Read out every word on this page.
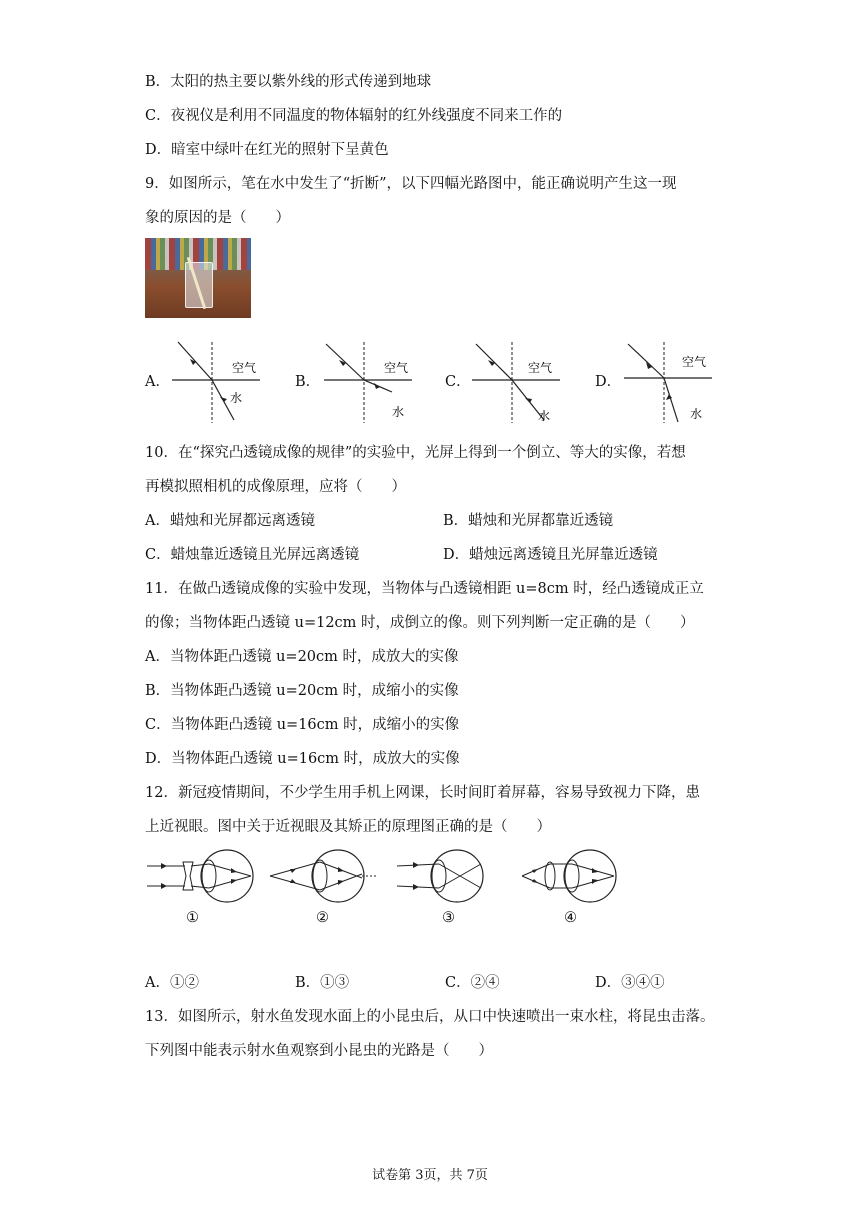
B．太阳的热主要以紫外线的形式传递到地球
C．夜视仪是利用不同温度的物体辐射的红外线强度不同来工作的
D．暗室中绿叶在红光的照射下呈黄色
9．如图所示，笔在水中发生了“折断”，以下四幅光路图中，能正确说明产生这一现
象的原因的是（　　）
A．
空气
水
B．
空气
水
C．
空气
水
D．
空气
水
10．在“探究凸透镜成像的规律”的实验中，光屏上得到一个倒立、等大的实像，若想
再模拟照相机的成像原理，应将（　　）
A．蜡烛和光屏都远离透镜	B．蜡烛和光屏都靠近透镜
C．蜡烛靠近透镜且光屏远离透镜	D．蜡烛远离透镜且光屏靠近透镜
11．在做凸透镜成像的实验中发现，当物体与凸透镜相距 u=8cm 时，经凸透镜成正立
的像；当物体距凸透镜 u=12cm 时，成倒立的像。则下列判断一定正确的是（　　）
A．当物体距凸透镜 u=20cm 时，成放大的实像
B．当物体距凸透镜 u=20cm 时，成缩小的实像
C．当物体距凸透镜 u=16cm 时，成缩小的实像
D．当物体距凸透镜 u=16cm 时，成放大的实像
12．新冠疫情期间，不少学生用手机上网课，长时间盯着屏幕，容易导致视力下降，患
上近视眼。图中关于近视眼及其矫正的原理图正确的是（　　）
①	②	③	④
A．①②	B．①③	C．②④	D．③④①
13．如图所示，射水鱼发现水面上的小昆虫后，从口中快速喷出一束水柱，将昆虫击落。
下列图中能表示射水鱼观察到小昆虫的光路是（　　）
试卷第 3页，共 7页
